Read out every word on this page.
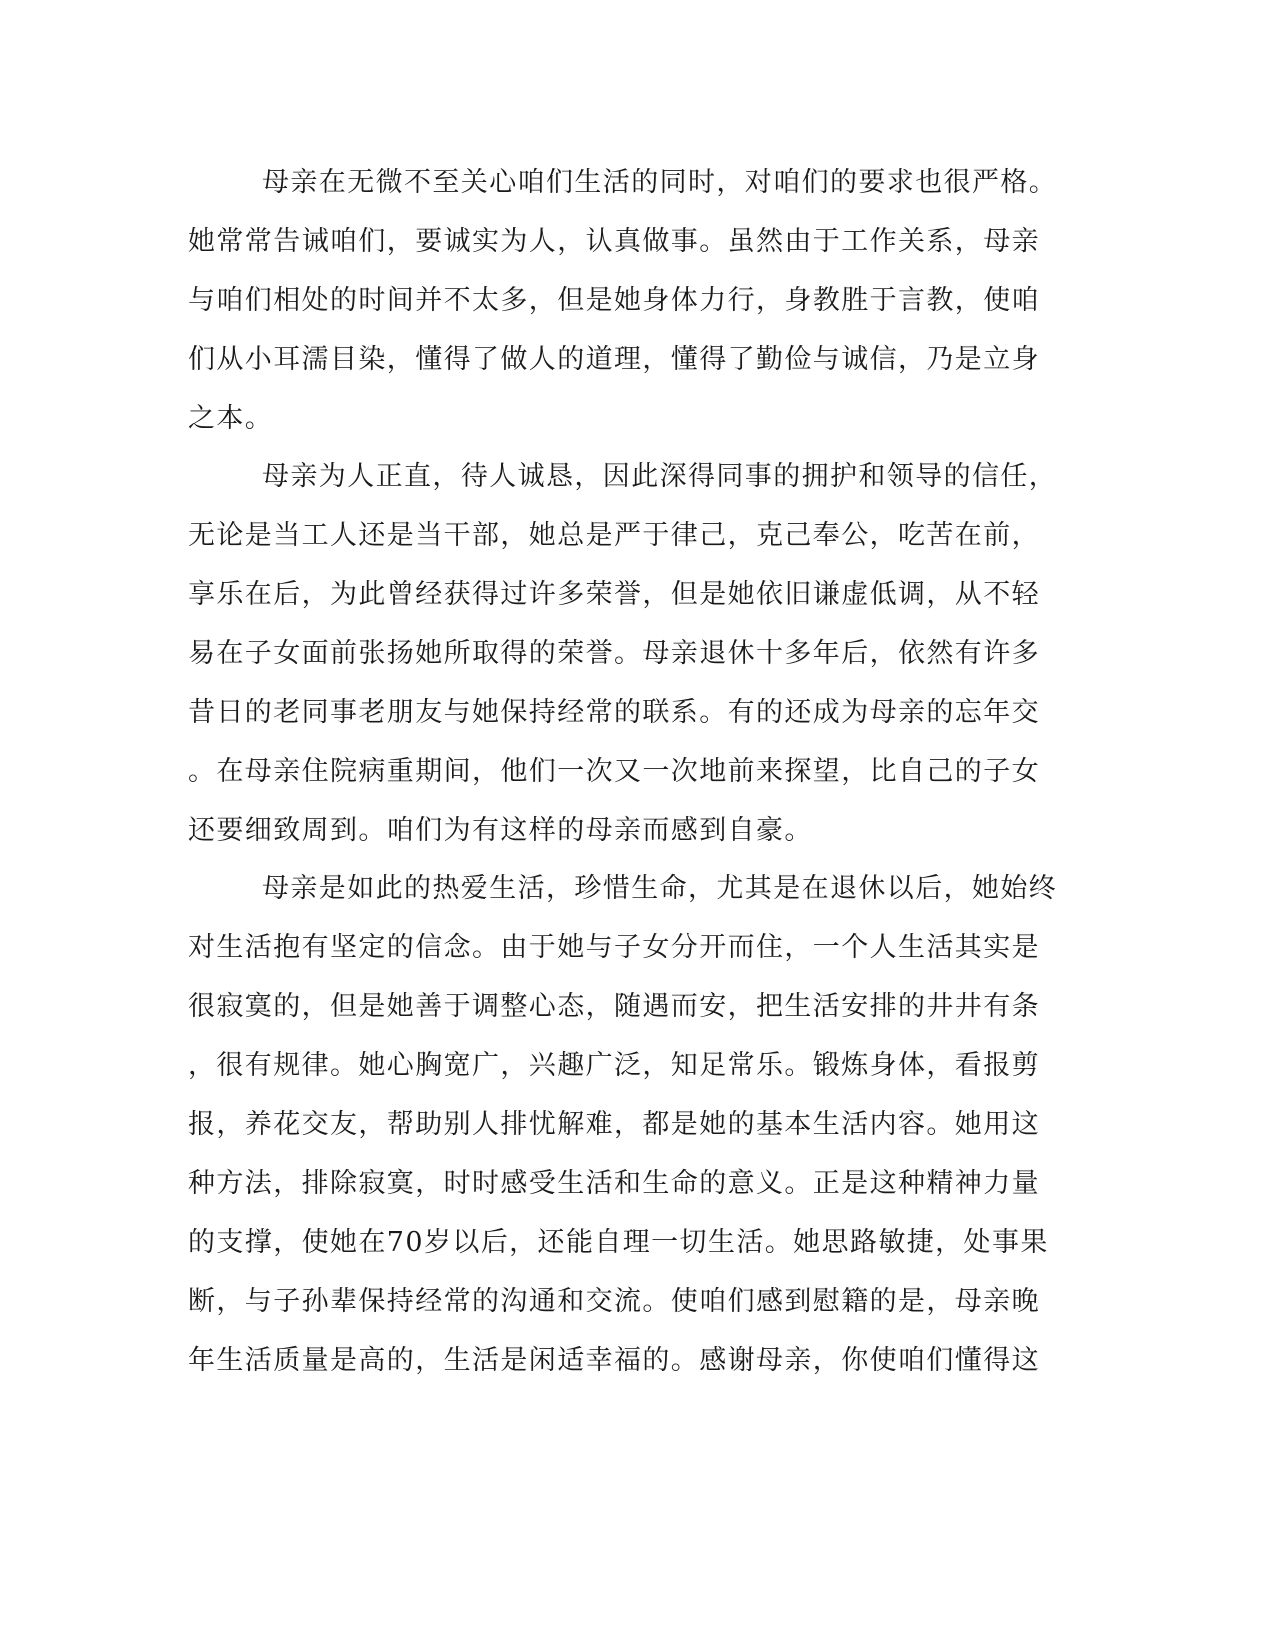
母亲在无微不至关心咱们生活的同时，对咱们的要求也很严格。
她常常告诫咱们，要诚实为人，认真做事。虽然由于工作关系，母亲
与咱们相处的时间并不太多，但是她身体力行，身教胜于言教，使咱
们从小耳濡目染，懂得了做人的道理，懂得了勤俭与诚信，乃是立身
之本。
母亲为人正直，待人诚恳，因此深得同事的拥护和领导的信任，
无论是当工人还是当干部，她总是严于律己，克己奉公，吃苦在前，
享乐在后，为此曾经获得过许多荣誉，但是她依旧谦虚低调，从不轻
易在子女面前张扬她所取得的荣誉。母亲退休十多年后，依然有许多
昔日的老同事老朋友与她保持经常的联系。有的还成为母亲的忘年交
。在母亲住院病重期间，他们一次又一次地前来探望，比自己的子女
还要细致周到。咱们为有这样的母亲而感到自豪。
母亲是如此的热爱生活，珍惜生命，尤其是在退休以后，她始终
对生活抱有坚定的信念。由于她与子女分开而住，一个人生活其实是
很寂寞的，但是她善于调整心态，随遇而安，把生活安排的井井有条
，很有规律。她心胸宽广，兴趣广泛，知足常乐。锻炼身体，看报剪
报，养花交友，帮助别人排忧解难，都是她的基本生活内容。她用这
种方法，排除寂寞，时时感受生活和生命的意义。正是这种精神力量
的支撑，使她在70岁以后，还能自理一切生活。她思路敏捷，处事果
断，与子孙辈保持经常的沟通和交流。使咱们感到慰籍的是，母亲晚
年生活质量是高的，生活是闲适幸福的。感谢母亲，你使咱们懂得这
